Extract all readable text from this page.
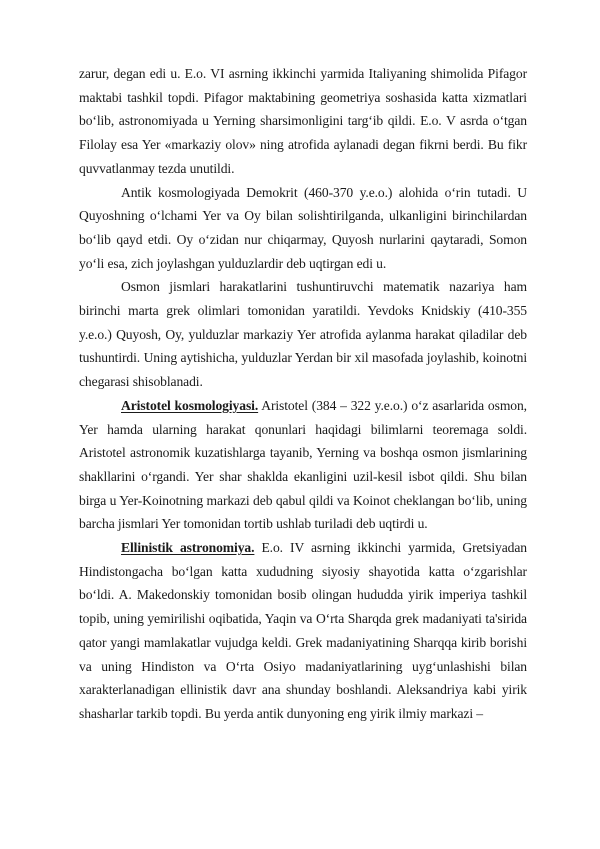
zarur, degan edi u. E.o. VI asrning ikkinchi yarmida Italiyaning shimolida Pifagor maktabi tashkil topdi. Pifagor maktabining geometriya soshasida katta xizmatlari bo‘lib, astronomiyada u Yerning sharsimonligini targ‘ib qildi. E.o. V asrda o‘tgan Filolay esa Yer «markaziy olov» ning atrofida aylanadi degan fikrni berdi. Bu fikr quvvatlanmay tezda unutildi.

Antik kosmologiyada Demokrit (460-370 y.e.o.) alohida o‘rin tutadi. U Quyoshning o‘lchami Yer va Oy bilan solishtirilganda, ulkanligini birinchilardan bo‘lib qayd etdi. Oy o‘zidan nur chiqarmay, Quyosh nurlarini qaytaradi, Somon yo‘li esa, zich joylashgan yulduzlardir deb uqtirgan edi u.

Osmon jismlari harakatlarini tushuntiruvchi matematik nazariya ham birinchi marta grek olimlari tomonidan yaratildi. Yevdoks Knidskiy (410-355 y.e.o.) Quyosh, Oy, yulduzlar markaziy Yer atrofida aylanma harakat qiladilar deb tushuntirdi. Uning aytishicha, yulduzlar Yerdan bir xil masofada joylashib, koinotni chegarasi shisoblanadi.

Aristotel kosmologiyasi. Aristotel (384 – 322 y.e.o.) o‘z asarlarida osmon, Yer hamda ularning harakat qonunlari haqidagi bilimlarni teoremaga soldi. Aristotel astronomik kuzatishlarga tayanib, Yerning va boshqa osmon jismlarining shakllarini o‘rgandi. Yer shar shaklda ekanligini uzil-kesil isbot qildi. Shu bilan birga u Yer-Koinotning markazi deb qabul qildi va Koinot cheklangan bo‘lib, uning barcha jismlari Yer tomonidan tortib ushlab turiladi deb uqtirdi u.

Ellinistik astronomiya. E.o. IV asrning ikkinchi yarmida, Gretsiyadan Hindistongacha bo‘lgan katta xududning siyosiy shayotida katta o‘zgarishlar bo‘ldi. A. Makedonskiy tomonidan bosib olingan hududda yirik imperiya tashkil topib, uning yemirilishi oqibatida, Yaqin va O‘rta Sharqda grek madaniyati ta'sirida qator yangi mamlakatlar vujudga keldi. Grek madaniyatining Sharqqa kirib borishi va uning Hindiston va O‘rta Osiyo madaniyatlarining uyg‘unlashishi bilan xarakterlanadigan ellinistik davr ana shunday boshlandi. Aleksandriya kabi yirik shasharlar tarkib topdi. Bu yerda antik dunyoning eng yirik ilmiy markazi –
